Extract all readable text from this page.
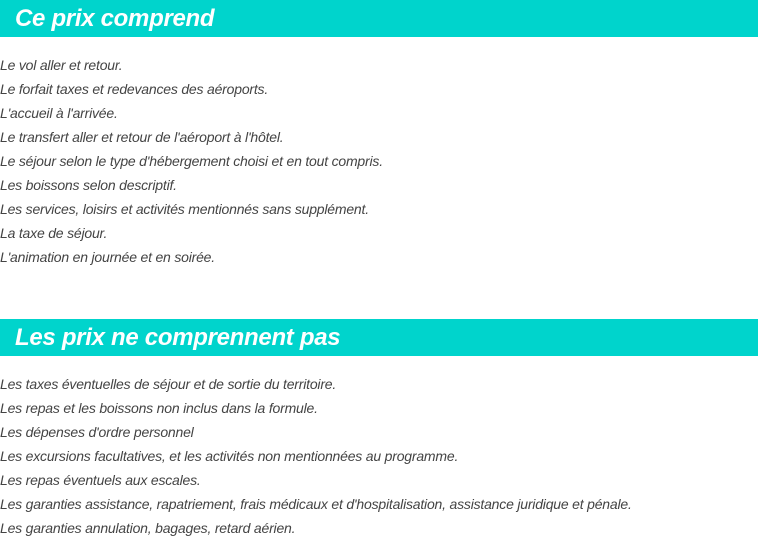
Ce prix comprend
Le vol aller et retour.
Le forfait taxes et redevances des aéroports.
L'accueil à l'arrivée.
Le transfert aller et retour de l'aéroport à l'hôtel.
Le séjour selon le type d'hébergement choisi et en tout compris.
Les boissons selon descriptif.
Les services, loisirs et activités mentionnés sans supplément.
La taxe de séjour.
L'animation en journée et en soirée.
Les prix ne comprennent pas
Les taxes éventuelles de séjour et de sortie du territoire.
Les repas et les boissons non inclus dans la formule.
Les dépenses d'ordre personnel
Les excursions facultatives, et les activités non mentionnées au programme.
Les repas éventuels aux escales.
Les garanties assistance, rapatriement, frais médicaux et d'hospitalisation, assistance juridique et pénale.
Les garanties annulation, bagages, retard aérien.
